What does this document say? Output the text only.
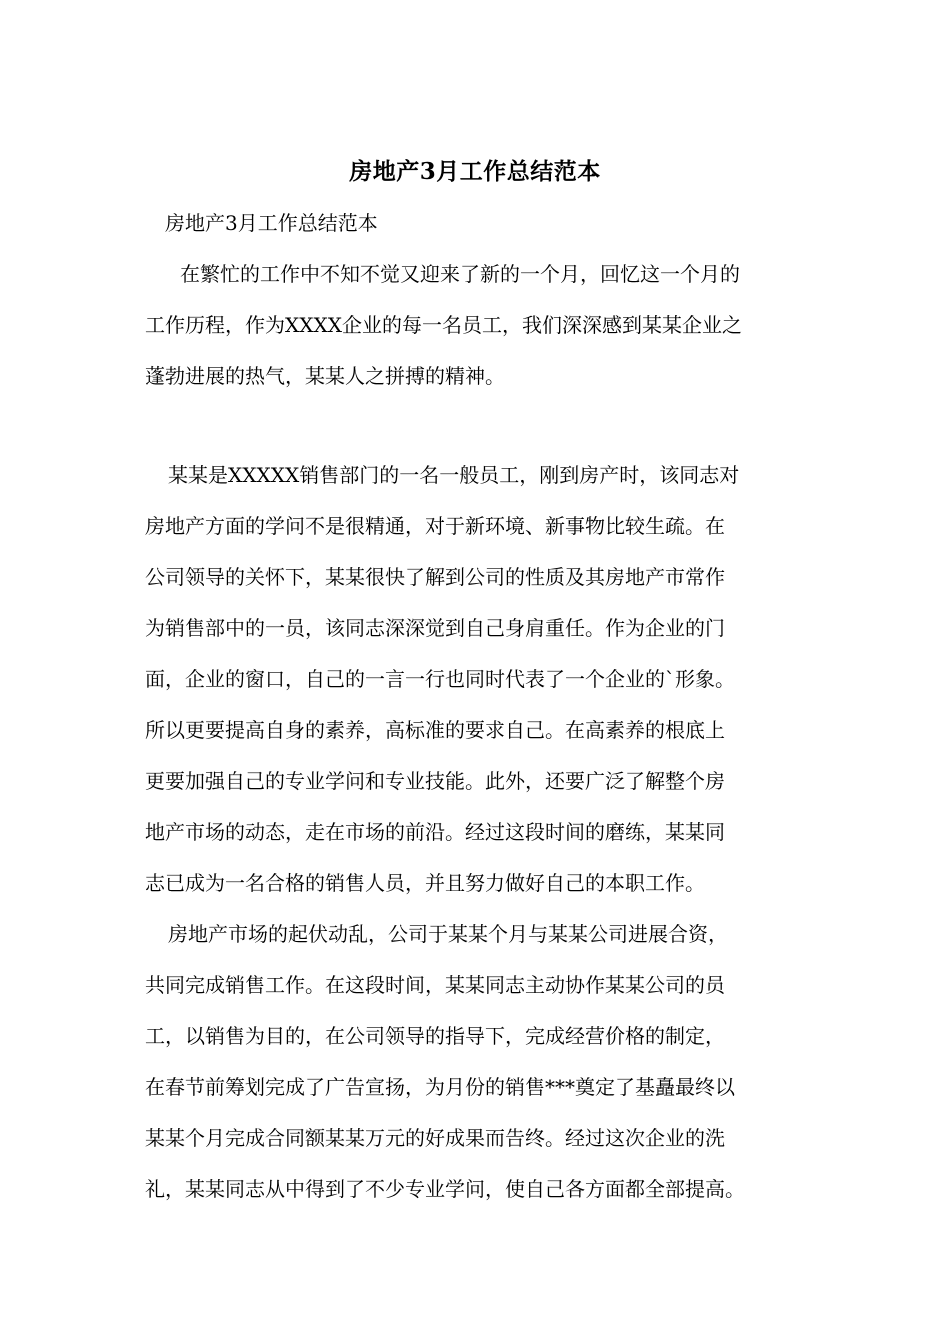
房地产3月工作总结范本
房地产3月工作总结范本
在繁忙的工作中不知不觉又迎来了新的一个月，回忆这一个月的
工作历程，作为XXXX企业的每一名员工，我们深深感到某某企业之
蓬勃进展的热气，某某人之拼搏的精神。
某某是XXXXX销售部门的一名一般员工，刚到房产时，该同志对
房地产方面的学问不是很精通，对于新环境、新事物比较生疏。在
公司领导的关怀下，某某很快了解到公司的性质及其房地产市常作
为销售部中的一员，该同志深深觉到自己身肩重任。作为企业的门
面，企业的窗口，自己的一言一行也同时代表了一个企业的`形象。
所以更要提高自身的素养，高标准的要求自己。在高素养的根底上
更要加强自己的专业学问和专业技能。此外，还要广泛了解整个房
地产市场的动态，走在市场的前沿。经过这段时间的磨练，某某同
志已成为一名合格的销售人员，并且努力做好自己的本职工作。
房地产市场的起伏动乱，公司于某某个月与某某公司进展合资，
共同完成销售工作。在这段时间，某某同志主动协作某某公司的员
工，以销售为目的，在公司领导的指导下，完成经营价格的制定，
在春节前筹划完成了广告宣扬，为月份的销售***奠定了基矗最终以
某某个月完成合同额某某万元的好成果而告终。经过这次企业的洗
礼，某某同志从中得到了不少专业学问，使自己各方面都全部提高。
